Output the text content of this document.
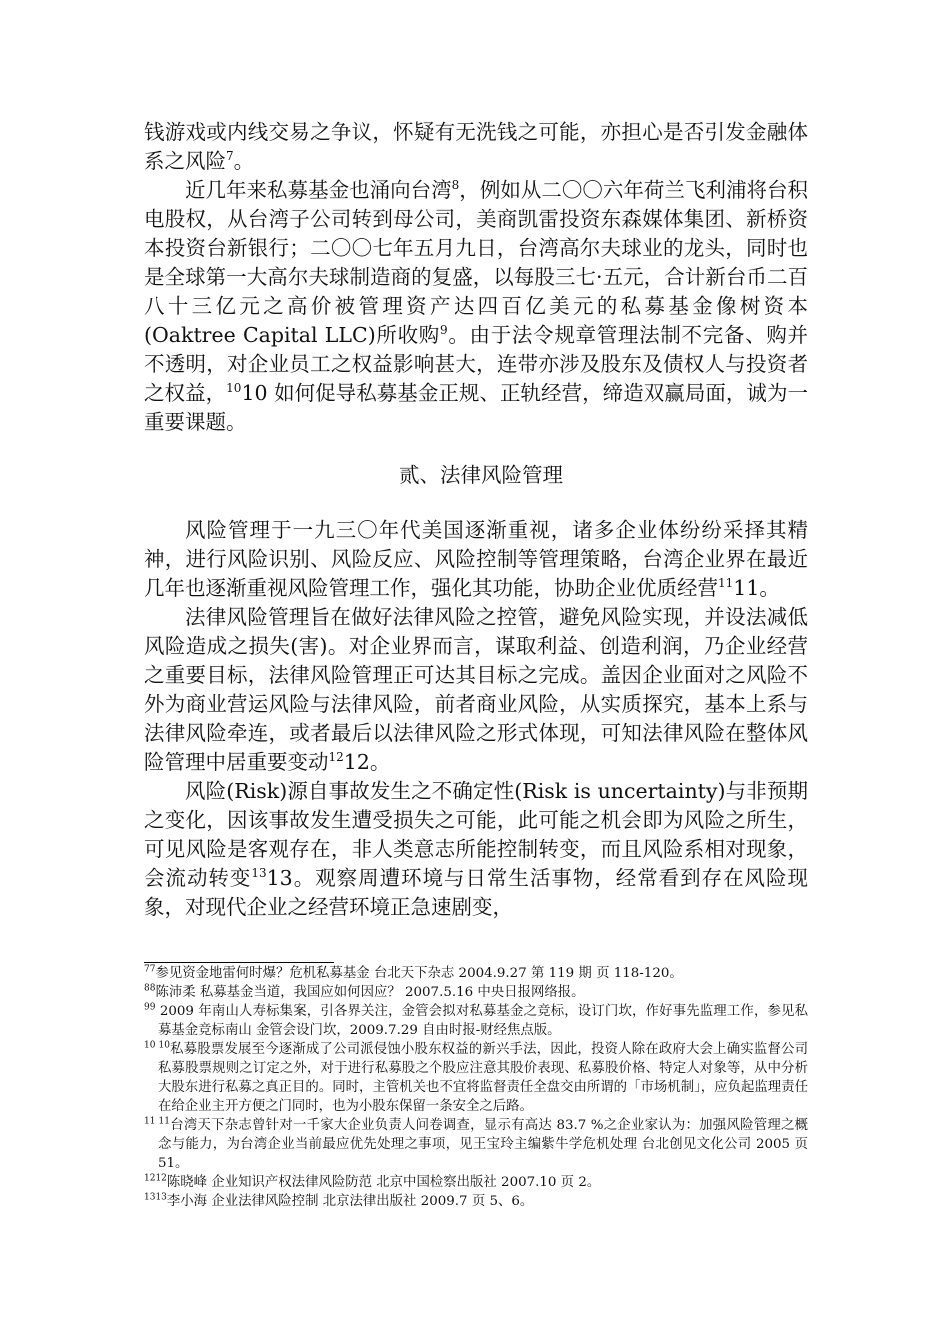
钱游戏或内线交易之争议，怀疑有无洗钱之可能，亦担心是否引发金融体系之风险$^7$。

近几年来私募基金也涌向台湾$^8$，例如从二〇〇六年荷兰飞利浦将台积电股权，从台湾子公司转到母公司，美商凯雷投资东森媒体集团、新桥资本投资台新银行；二〇〇七年五月九日，台湾高尔夫球业的龙头，同时也是全球第一大高尔夫球制造商的复盛，以每股三七·五元，合计新台币二百八十三亿元之高价被管理资产达四百亿美元的私募基金像树资本(Oaktree Capital LLC)所收购$^9$。由于法令规章管理法制不完备、购并不透明，对企业员工之权益影响甚大，连带亦涉及股东及债权人与投资者之权益，$^{10}$10 如何促导私募基金正规、正轨经营，缔造双赢局面，诚为一重要课题。

贰、法律风险管理

风险管理于一九三〇年代美国逐渐重视，诸多企业体纷纷采择其精神，进行风险识别、风险反应、风险控制等管理策略，台湾企业界在最近几年也逐渐重视风险管理工作，强化其功能，协助企业优质经营$^{11}$11。

法律风险管理旨在做好法律风险之控管，避免风险实现，并设法减低风险造成之损失(害)。对企业界而言，谋取利益、创造利润，乃企业经营之重要目标，法律风险管理正可达其目标之完成。盖因企业面对之风险不外为商业营运风险与法律风险，前者商业风险，从实质探究，基本上系与法律风险牵连，或者最后以法律风险之形式体现，可知法律风险在整体风险管理中居重要变动$^{12}$12。

风险(Risk)源自事故发生之不确定性(Risk is uncertainty)与非预期之变化，因该事故发生遭受损失之可能，此可能之机会即为风险之所生，可见风险是客观存在，非人类意志所能控制转变，而且风险系相对现象，会流动转变$^{13}$13。观察周遭环境与日常生活事物，经常看到存在风险现象，对现代企业之经营环境正急速剧变，

$^{77}$参见资金地雷何时爆？危机私募基金 台北天下杂志 2004.9.27 第 119 期 页 118-120。

$^{88}$陈沛柔 私募基金当道，我国应如何因应？ 2007.5.16 中央日报网络报。

$^{99}$ 2009 年南山人寿标集案，引各界关注，金管会拟对私募基金之竞标，设订门坎，作好事先监理工作，参见私募基金竞标南山 金管会设门坎，2009.7.29 自由时报-财经焦点版。

$^{10 10}$私募股票发展至今逐渐成了公司派侵蚀小股东权益的新兴手法，因此，投资人除在政府大会上确实监督公司私募股票规则之订定之外，对于进行私募股之个股应注意其股价表现、私募股价格、特定人对象等，从中分析大股东进行私募之真正目的。同时，主管机关也不宜将监督责任全盘交由所谓的「市场机制」，应负起监理责任在给企业主开方便之门同时，也为小股东保留一条安全之后路。

$^{11 11}$台湾天下杂志曾针对一千家大企业负责人问卷调查，显示有高达 83.7 %之企业家认为：加强风险管理之概念与能力，为台湾企业当前最应优先处理之事项，见王宝玲主编紫牛学危机处理 台北创见文化公司 2005 页 51。

$^{1212}$陈晓峰 企业知识产权法律风险防范 北京中国检察出版社 2007.10 页 2。

$^{1313}$李小海 企业法律风险控制 北京法律出版社 2009.7 页 5、6。
